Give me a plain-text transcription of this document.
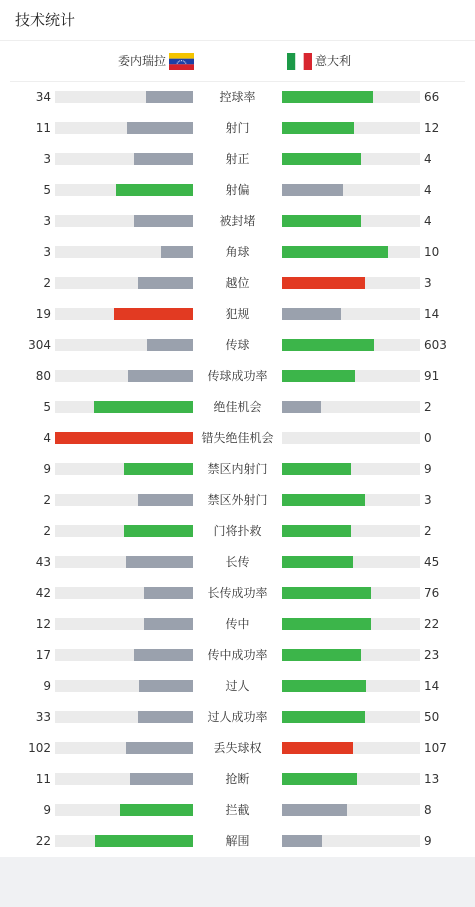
技术统计
委内瑞拉	意大利
34	控球率	66
11	射门	12
3	射正	4
5	射偏	4
3	被封堵	4
3	角球	10
2	越位	3
19	犯规	14
304	传球	603
80	传球成功率	91
5	绝佳机会	2
4	错失绝佳机会	0
9	禁区内射门	9
2	禁区外射门	3
2	门将扑救	2
43	长传	45
42	长传成功率	76
12	传中	22
17	传中成功率	23
9	过人	14
33	过人成功率	50
102	丢失球权	107
11	抢断	13
9	拦截	8
22	解围	9
